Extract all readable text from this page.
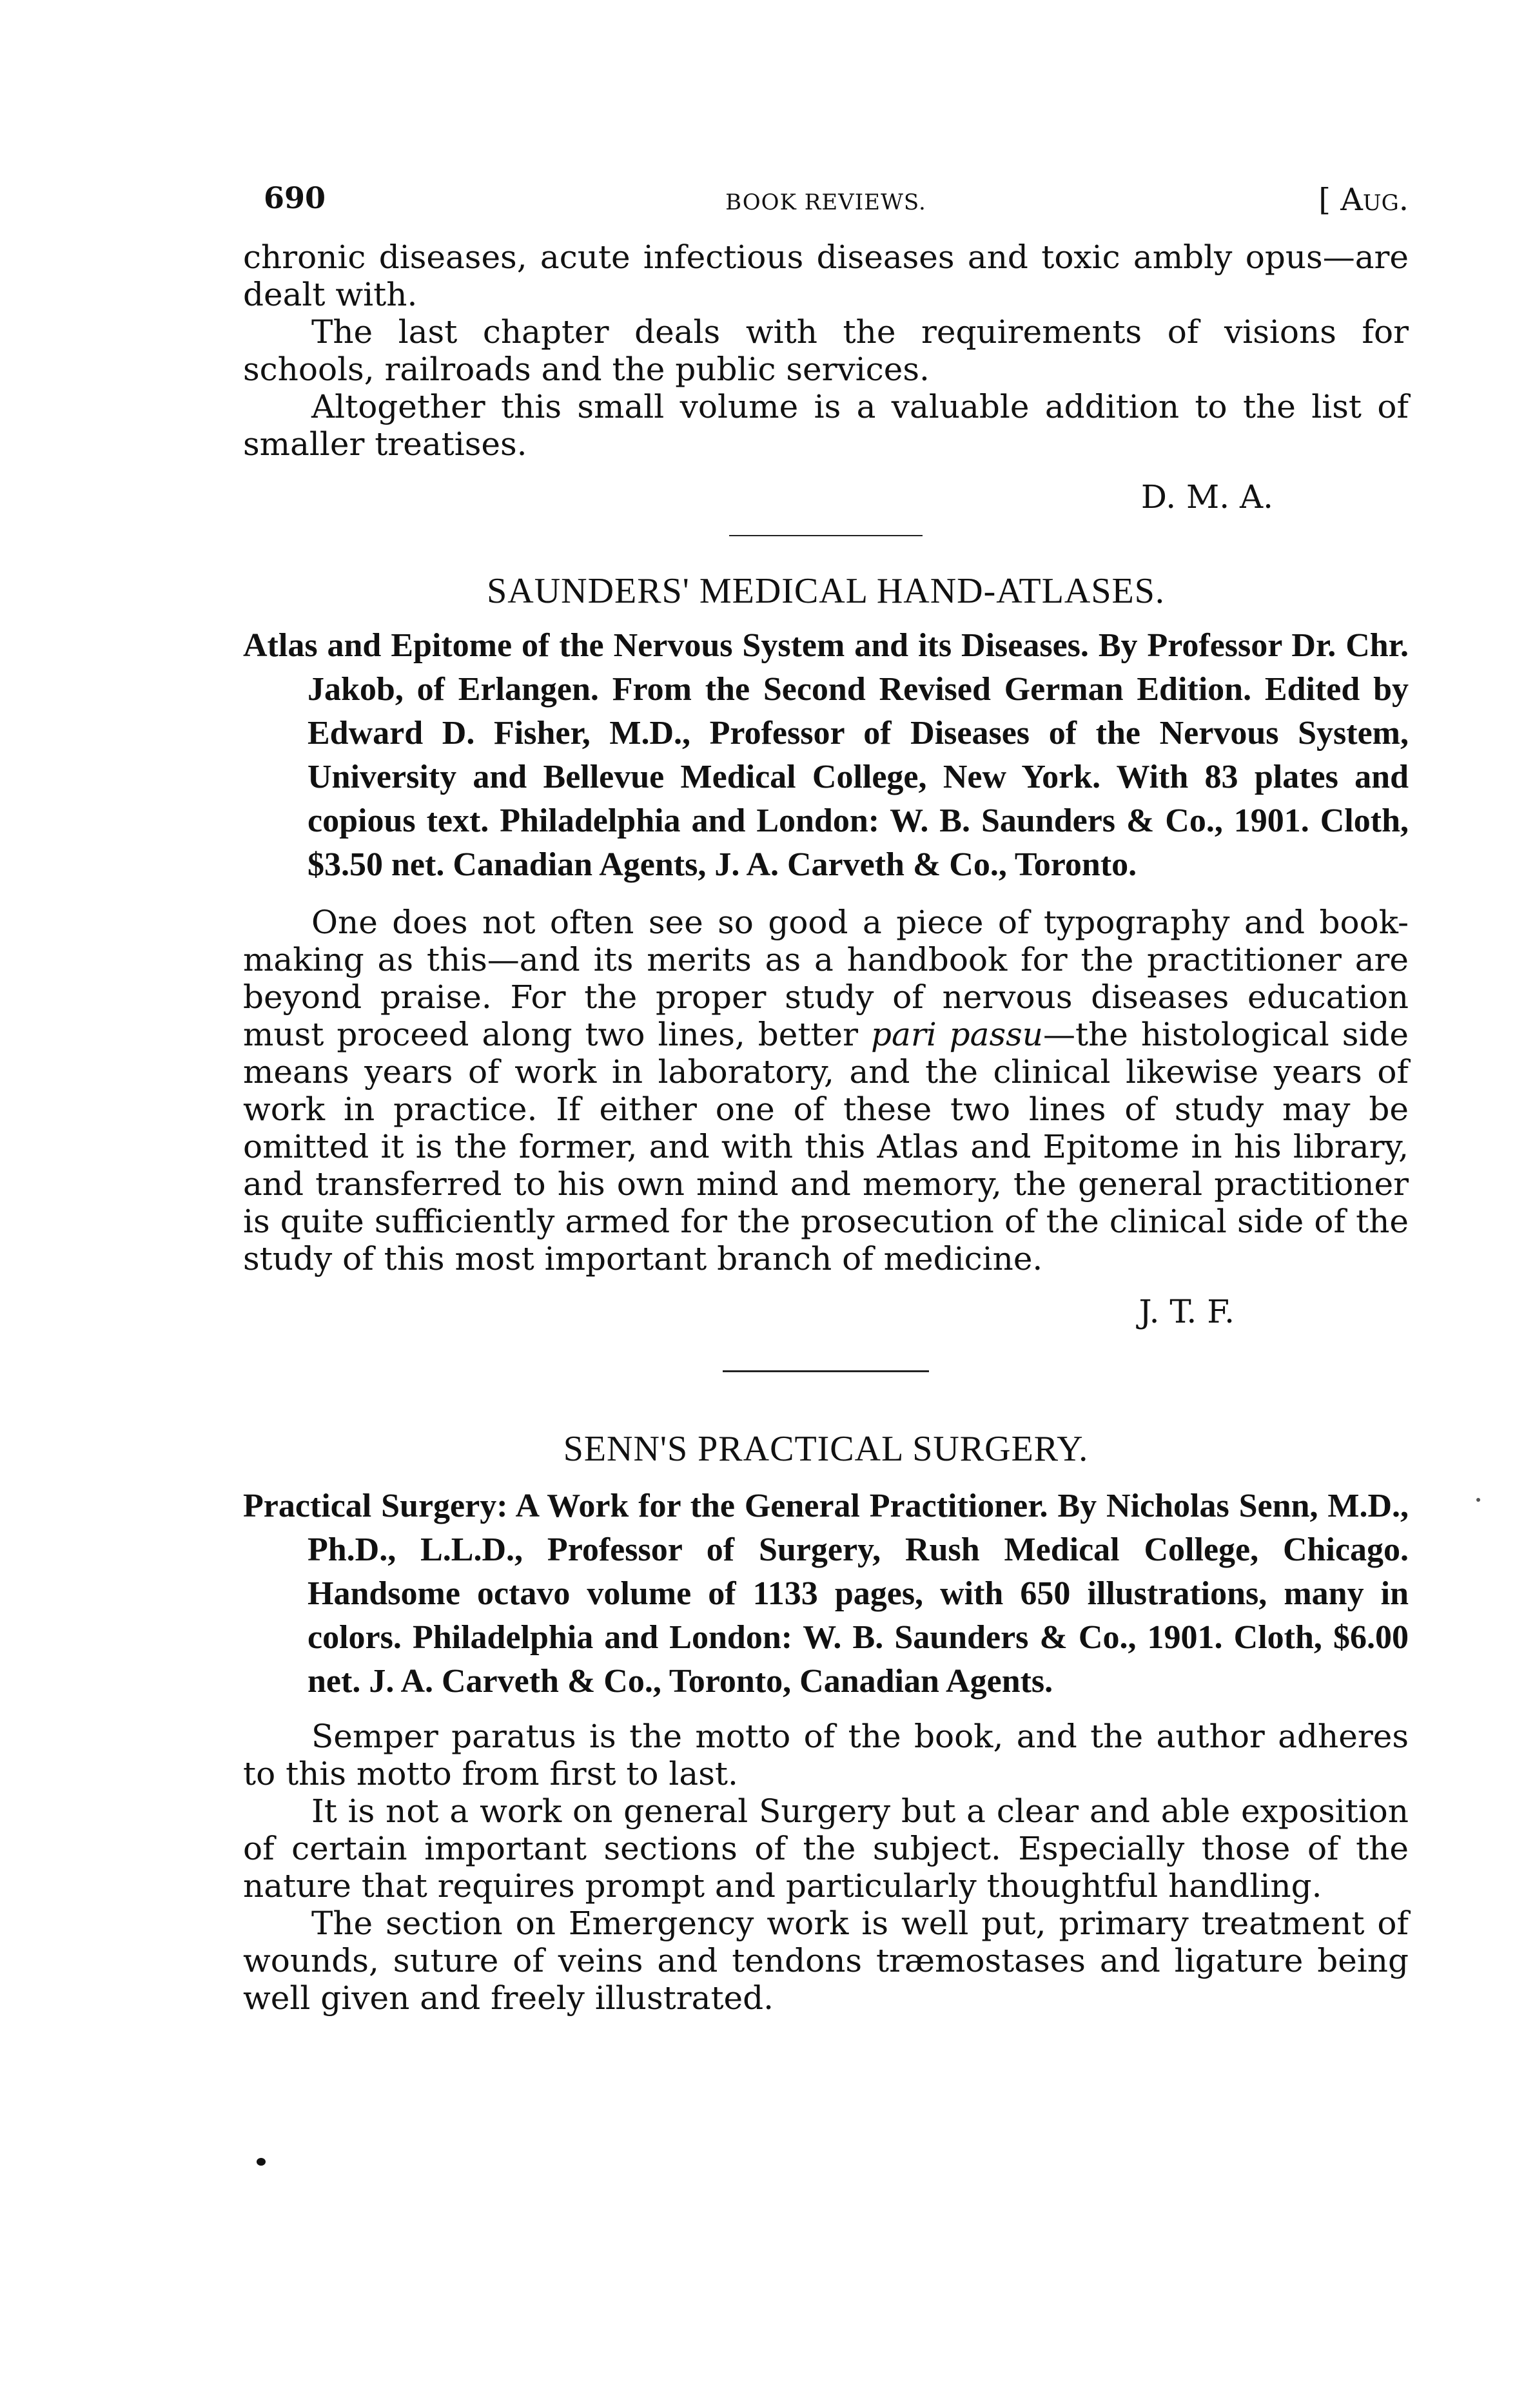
690	BOOK REVIEWS.	[ Aug.

chronic diseases, acute infectious diseases and toxic ambly opus—are dealt with.

The last chapter deals with the requirements of visions for schools, railroads and the public services.

Altogether this small volume is a valuable addition to the list of smaller treatises.

D. M. A.
SAUNDERS' MEDICAL HAND-ATLASES.
Atlas and Epitome of the Nervous System and its Diseases. By Professor Dr. Chr. Jakob, of Erlangen. From the Second Revised German Edition. Edited by Edward D. Fisher, M.D., Professor of Diseases of the Nervous System, University and Bellevue Medical College, New York. With 83 plates and copious text. Philadelphia and London: W. B. Saunders & Co., 1901. Cloth, $3.50 net. Canadian Agents, J. A. Carveth & Co., Toronto.

One does not often see so good a piece of typography and book-making as this—and its merits as a handbook for the practitioner are beyond praise. For the proper study of nervous diseases education must proceed along two lines, better pari passu—the histological side means years of work in laboratory, and the clinical likewise years of work in practice. If either one of these two lines of study may be omitted it is the former, and with this Atlas and Epitome in his library, and transferred to his own mind and memory, the general practitioner is quite sufficiently armed for the prosecution of the clinical side of the study of this most important branch of medicine.

J. T. F.
SENN'S PRACTICAL SURGERY.
Practical Surgery: A Work for the General Practitioner. By Nicholas Senn, M.D., Ph.D., L.L.D., Professor of Surgery, Rush Medical College, Chicago. Handsome octavo volume of 1133 pages, with 650 illustrations, many in colors. Philadelphia and London: W. B. Saunders & Co., 1901. Cloth, $6.00 net. J. A. Carveth & Co., Toronto, Canadian Agents.

Semper paratus is the motto of the book, and the author adheres to this motto from first to last.

It is not a work on general Surgery but a clear and able exposition of certain important sections of the subject. Especially those of the nature that requires prompt and particularly thoughtful handling.

The section on Emergency work is well put, primary treatment of wounds, suture of veins and tendons træmostases and ligature being well given and freely illustrated.
